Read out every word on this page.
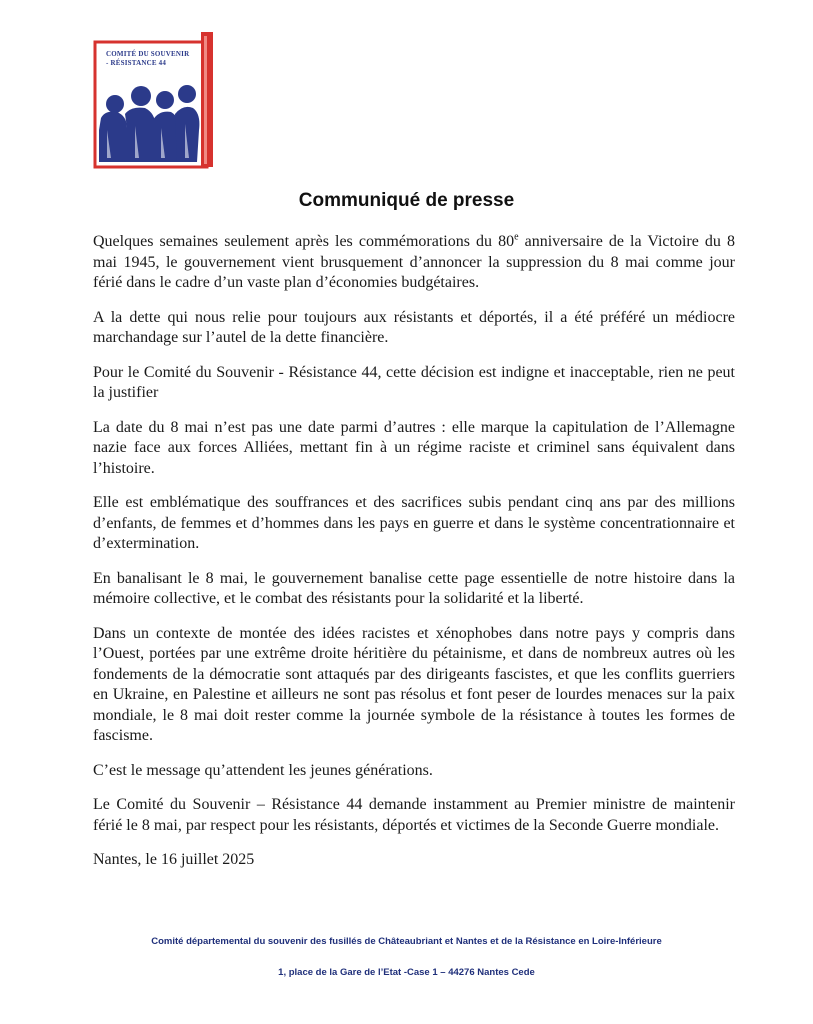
COMITÉ DU SOUVENIR
- RÉSISTANCE 44
Communiqué de presse

Quelques semaines seulement après les commémorations du 80e anniversaire de la Victoire du 8 mai 1945, le gouvernement vient brusquement d’annoncer la suppression du 8 mai comme jour férié dans le cadre d’un vaste plan d’économies budgétaires.

A la dette qui nous relie pour toujours aux résistants et déportés, il a été préféré un médiocre marchandage sur l’autel de la dette financière.

Pour le Comité du Souvenir - Résistance 44, cette décision est indigne et inacceptable, rien ne peut la justifier

La date du 8 mai n’est pas une date parmi d’autres : elle marque la capitulation de l’Allemagne nazie face aux forces Alliées, mettant fin à un régime raciste et criminel sans équivalent dans l’histoire.

Elle est emblématique des souffrances et des sacrifices subis pendant cinq ans par des millions d’enfants, de femmes et d’hommes dans les pays en guerre et dans le système concentrationnaire et d’extermination.

En banalisant le 8 mai, le gouvernement banalise cette page essentielle de notre histoire dans la mémoire collective, et le combat des résistants pour la solidarité et la liberté.

Dans un contexte de montée des idées racistes et xénophobes dans notre pays y compris dans l’Ouest, portées par une extrême droite héritière du pétainisme, et dans de nombreux autres où les fondements de la démocratie sont attaqués par des dirigeants fascistes, et que les conflits guerriers en Ukraine, en Palestine et ailleurs ne sont pas résolus et font peser de lourdes menaces sur la paix mondiale, le 8 mai doit rester comme la journée symbole de la résistance à toutes les formes de fascisme.

C’est le message qu’attendent les jeunes générations.

Le Comité du Souvenir – Résistance 44 demande instamment au Premier ministre de maintenir férié le 8 mai, par respect pour les résistants, déportés et victimes de la Seconde Guerre mondiale.

Nantes, le 16 juillet 2025

Comité départemental du souvenir des fusillés de Châteaubriant et Nantes et de la Résistance en Loire-Inférieure
1, place de la Gare de l’Etat -Case 1 – 44276 Nantes Cede
